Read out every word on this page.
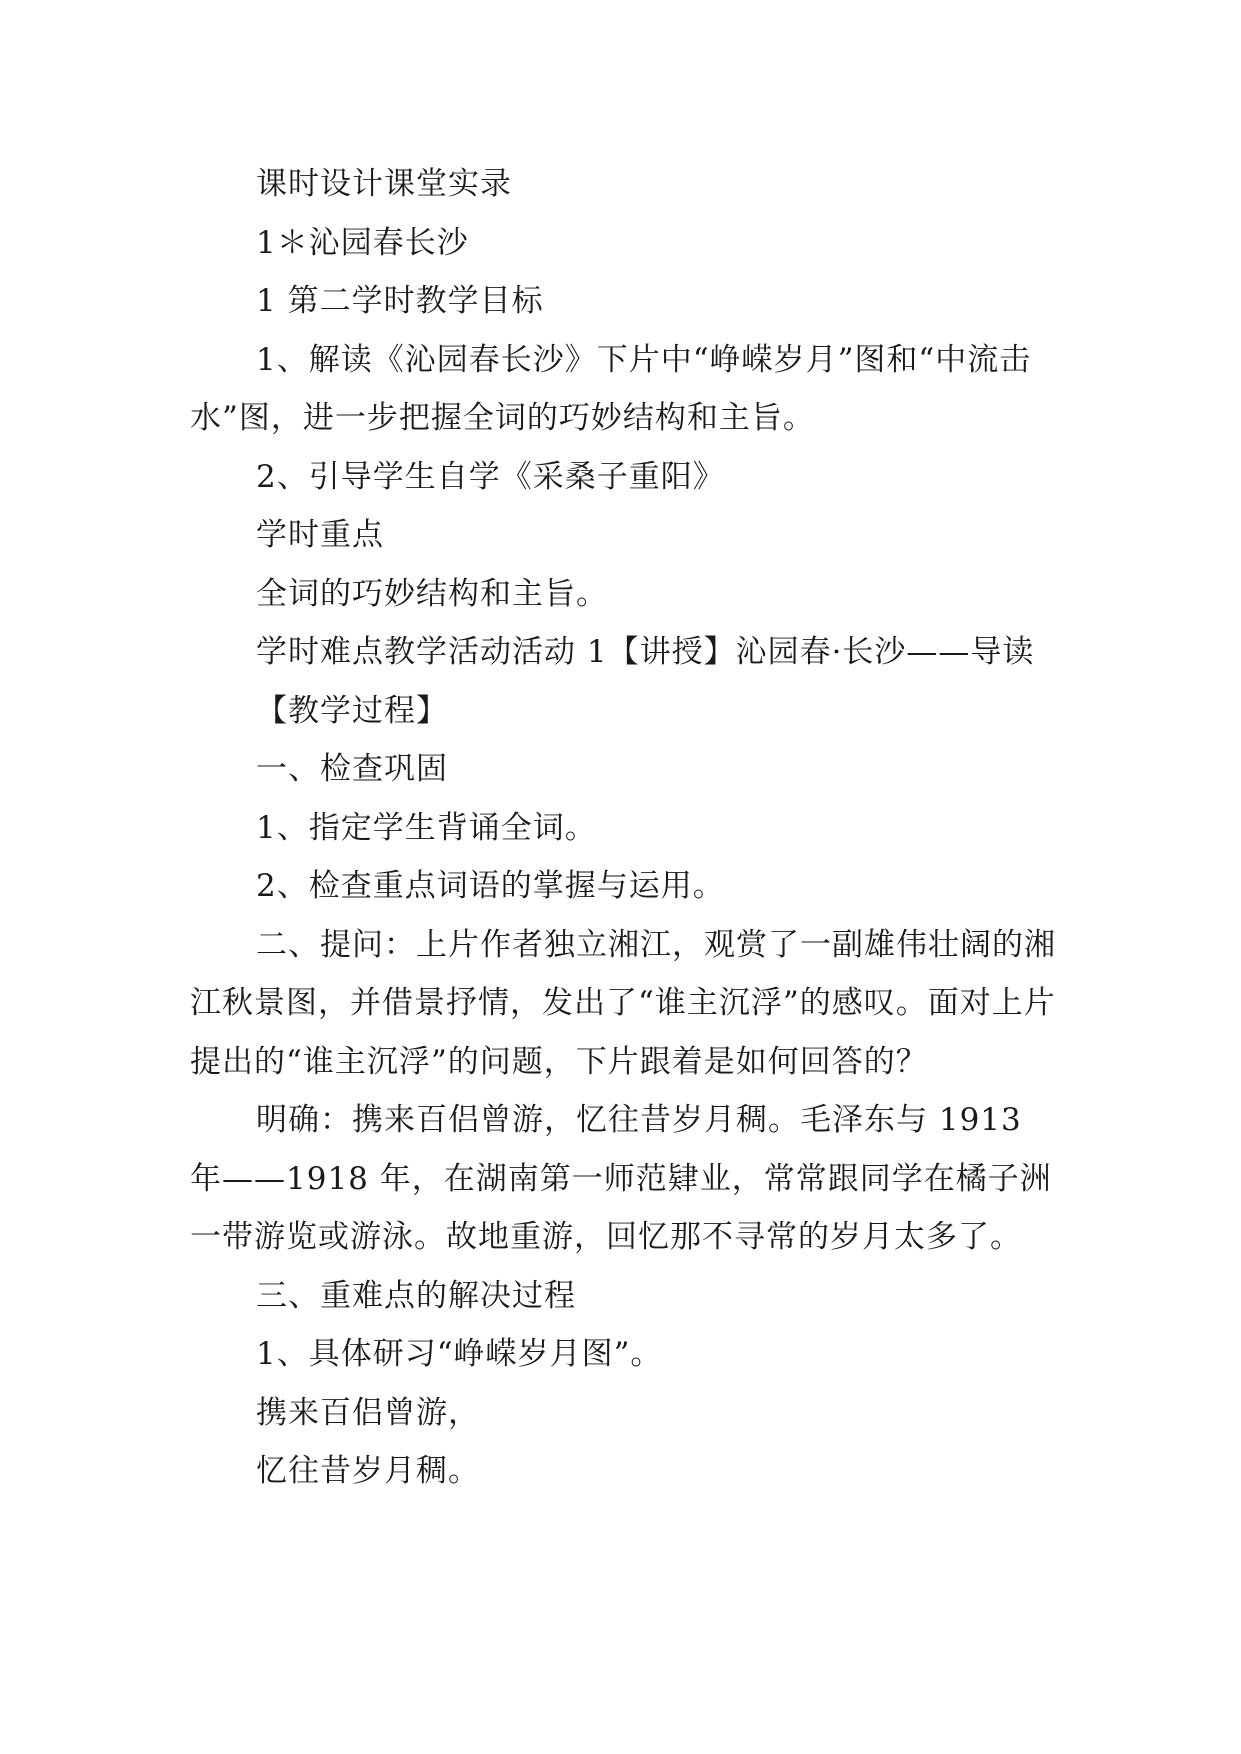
课时设计课堂实录

1＊沁园春长沙

1 第二学时教学目标

1、解读《沁园春长沙》下片中“峥嵘岁月”图和“中流击水”图，进一步把握全词的巧妙结构和主旨。

2、引导学生自学《采桑子重阳》

学时重点

全词的巧妙结构和主旨。

学时难点教学活动活动 1【讲授】沁园春·长沙——导读

【教学过程】

一、检查巩固

1、指定学生背诵全词。

2、检查重点词语的掌握与运用。

二、提问：上片作者独立湘江，观赏了一副雄伟壮阔的湘江秋景图，并借景抒情，发出了“谁主沉浮”的感叹。面对上片提出的“谁主沉浮”的问题，下片跟着是如何回答的？

明确：携来百侣曾游，忆往昔岁月稠。毛泽东与 1913 年——1918 年，在湖南第一师范肄业，常常跟同学在橘子洲一带游览或游泳。故地重游，回忆那不寻常的岁月太多了。

三、重难点的解决过程

1、具体研习“峥嵘岁月图”。

携来百侣曾游，

忆往昔岁月稠。
